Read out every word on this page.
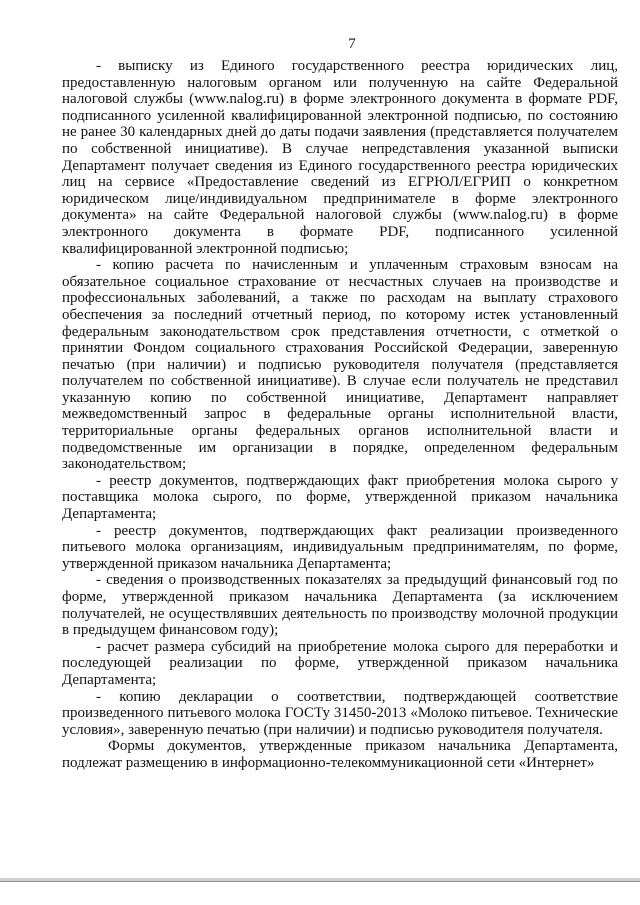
7

- выписку из Единого государственного реестра юридических лиц, предоставленную налоговым органом или полученную на сайте Федеральной налоговой службы (www.nalog.ru) в форме электронного документа в формате PDF, подписанного усиленной квалифицированной электронной подписью, по состоянию не ранее 30 календарных дней до даты подачи заявления (представляется получателем по собственной инициативе). В случае непредставления указанной выписки Департамент получает сведения из Единого государственного реестра юридических лиц на сервисе «Предоставление сведений из ЕГРЮЛ/ЕГРИП о конкретном юридическом лице/индивидуальном предпринимателе в форме электронного документа» на сайте Федеральной налоговой службы (www.nalog.ru) в форме электронного документа в формате PDF, подписанного усиленной квалифицированной электронной подписью;

- копию расчета по начисленным и уплаченным страховым взносам на обязательное социальное страхование от несчастных случаев на производстве и профессиональных заболеваний, а также по расходам на выплату страхового обеспечения за последний отчетный период, по которому истек установленный федеральным законодательством срок представления отчетности, с отметкой о принятии Фондом социального страхования Российской Федерации, заверенную печатью (при наличии) и подписью руководителя получателя (представляется получателем по собственной инициативе). В случае если получатель не представил указанную копию по собственной инициативе, Департамент направляет межведомственный запрос в федеральные органы исполнительной власти, территориальные органы федеральных органов исполнительной власти и подведомственные им организации в порядке, определенном федеральным законодательством;

- реестр документов, подтверждающих факт приобретения молока сырого у поставщика молока сырого, по форме, утвержденной приказом начальника Департамента;

- реестр документов, подтверждающих факт реализации произведенного питьевого молока организациям, индивидуальным предпринимателям, по форме, утвержденной приказом начальника Департамента;

- сведения о производственных показателях за предыдущий финансовый год по форме, утвержденной приказом начальника Департамента (за исключением получателей, не осуществлявших деятельность по производству молочной продукции в предыдущем финансовом году);

- расчет размера субсидий на приобретение молока сырого для переработки и последующей реализации по форме, утвержденной приказом начальника Департамента;

- копию декларации о соответствии, подтверждающей соответствие произведенного питьевого молока ГОСТу 31450-2013 «Молоко питьевое. Технические условия», заверенную печатью (при наличии) и подписью руководителя получателя.

Формы документов, утвержденные приказом начальника Департамента, подлежат размещению в информационно-телекоммуникационной сети «Интернет»
